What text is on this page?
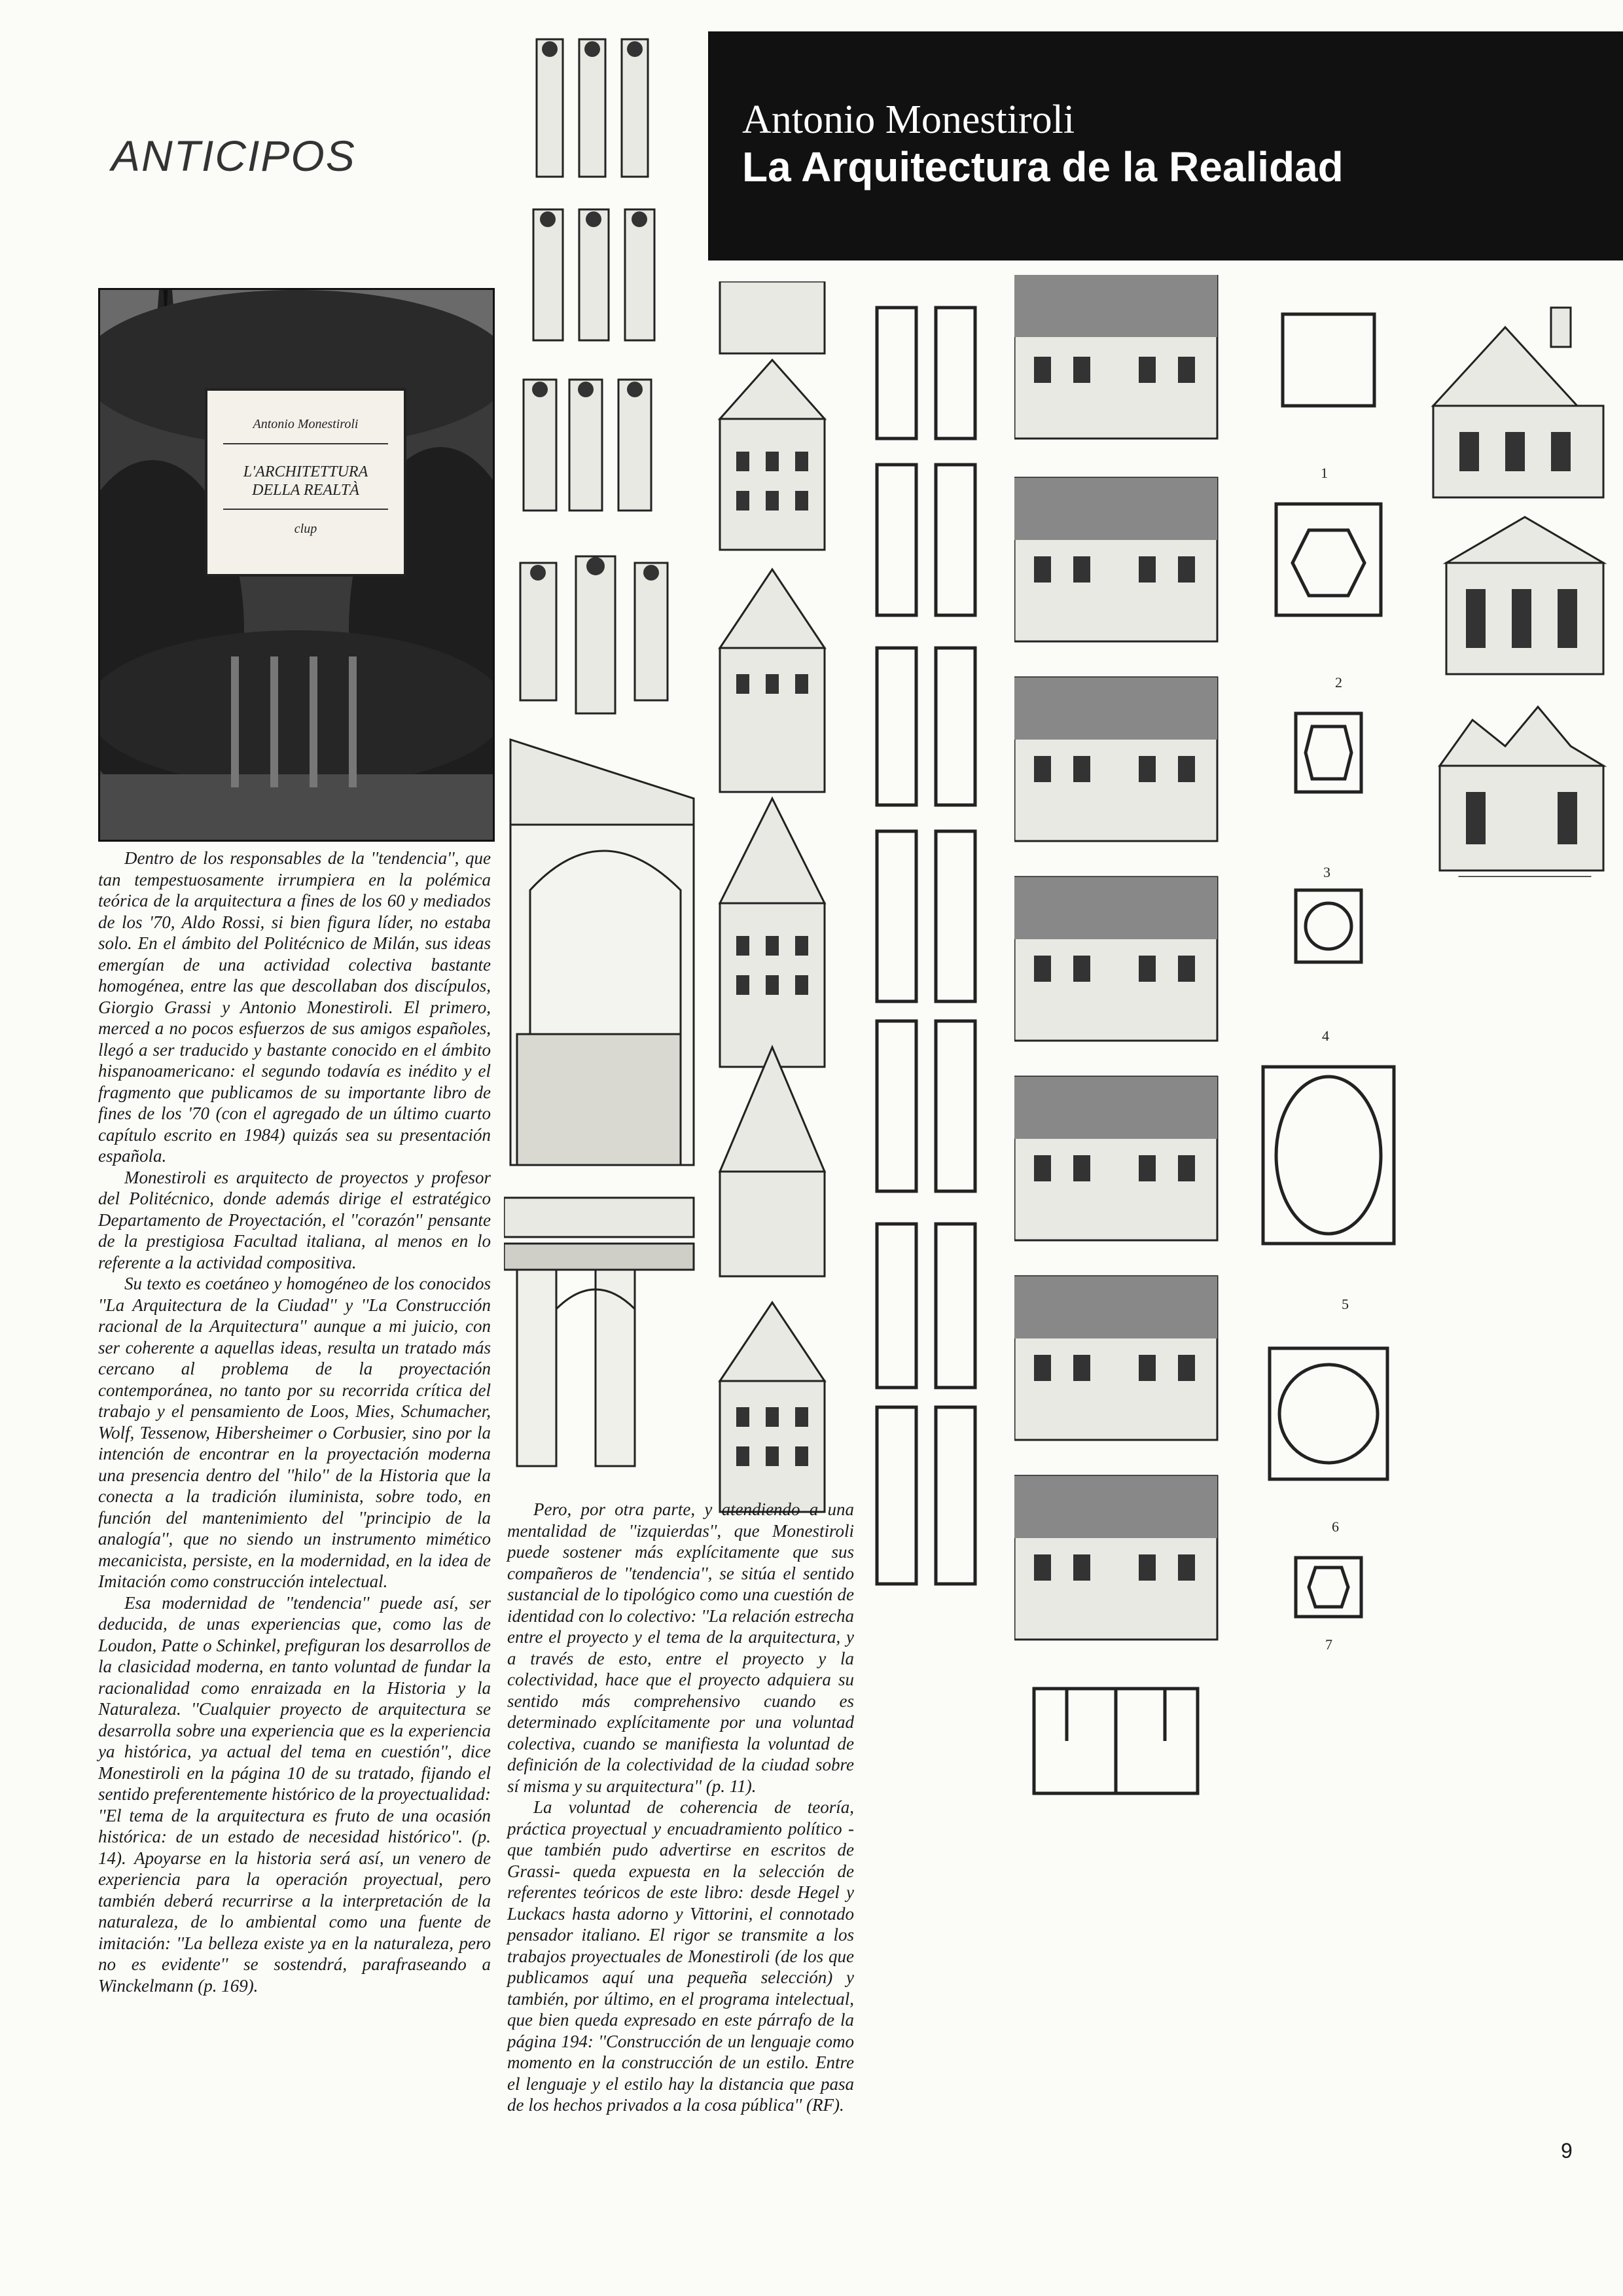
ANTICIPOS
Antonio Monestiroli
La Arquitectura de la Realidad
Antonio Monestiroli
L'ARCHITETTURA
DELLA REALTÀ
clup
1
2
3
4
5
6
7

Dentro de los responsables de la ''tendencia'', que tan tempestuosamente irrumpiera en la polémica teórica de la arquitectura a fines de los 60 y mediados de los '70, Aldo Rossi, si bien figura líder, no estaba solo. En el ámbito del Politécnico de Milán, sus ideas emergían de una actividad colectiva bastante homogénea, entre las que descollaban dos discípulos, Giorgio Grassi y Antonio Monestiroli. El primero, merced a no pocos esfuerzos de sus amigos españoles, llegó a ser traducido y bastante conocido en el ámbito hispanoamericano: el segundo todavía es inédito y el fragmento que publicamos de su importante libro de fines de los '70 (con el agregado de un último cuarto capítulo escrito en 1984) quizás sea su presentación española.

Monestiroli es arquitecto de proyectos y profesor del Politécnico, donde además dirige el estratégico Departamento de Proyectación, el ''corazón'' pensante de la prestigiosa Facultad italiana, al menos en lo referente a la actividad compositiva.

Su texto es coetáneo y homogéneo de los conocidos ''La Arquitectura de la Ciudad'' y ''La Construcción racional de la Arquitectura'' aunque a mi juicio, con ser coherente a aquellas ideas, resulta un tratado más cercano al problema de la proyectación contemporánea, no tanto por su recorrida crítica del trabajo y el pensamiento de Loos, Mies, Schumacher, Wolf, Tessenow, Hibersheimer o Corbusier, sino por la intención de encontrar en la proyectación moderna una presencia dentro del ''hilo'' de la Historia que la conecta a la tradición iluminista, sobre todo, en función del mantenimiento del ''principio de la analogía'', que no siendo un instrumento mimético mecanicista, persiste, en la modernidad, en la idea de Imitación como construcción intelectual.

Esa modernidad de ''tendencia'' puede así, ser deducida, de unas experiencias que, como las de Loudon, Patte o Schinkel, prefiguran los desarrollos de la clasicidad moderna, en tanto voluntad de fundar la racionalidad como enraizada en la Historia y la Naturaleza. ''Cualquier proyecto de arquitectura se desarrolla sobre una experiencia que es la experiencia ya histórica, ya actual del tema en cuestión'', dice Monestiroli en la página 10 de su tratado, fijando el sentido preferentemente histórico de la proyectualidad: ''El tema de la arquitectura es fruto de una ocasión histórica: de un estado de necesidad histórico''. (p. 14). Apoyarse en la historia será así, un venero de experiencia para la operación proyectual, pero también deberá recurrirse a la interpretación de la naturaleza, de lo ambiental como una fuente de imitación: ''La belleza existe ya en la naturaleza, pero no es evidente'' se sostendrá, parafraseando a Winckelmann (p. 169).

Pero, por otra parte, y atendiendo a una mentalidad de ''izquierdas'', que Monestiroli puede sostener más explícitamente que sus compañeros de ''tendencia'', se sitúa el sentido sustancial de lo tipológico como una cuestión de identidad con lo colectivo: ''La relación estrecha entre el proyecto y el tema de la arquitectura, y a través de esto, entre el proyecto y la colectividad, hace que el proyecto adquiera su sentido más comprehensivo cuando es determinado explícitamente por una voluntad colectiva, cuando se manifiesta la voluntad de definición de la colectividad de la ciudad sobre sí misma y su arquitectura'' (p. 11).

La voluntad de coherencia de teoría, práctica proyectual y encuadramiento político -que también pudo advertirse en escritos de Grassi- queda expuesta en la selección de referentes teóricos de este libro: desde Hegel y Luckacs hasta adorno y Vittorini, el connotado pensador italiano. El rigor se transmite a los trabajos proyectuales de Monestiroli (de los que publicamos aquí una pequeña selección) y también, por último, en el programa intelectual, que bien queda expresado en este párrafo de la página 194: ''Construcción de un lenguaje como momento en la construcción de un estilo. Entre el lenguaje y el estilo hay la distancia que pasa de los hechos privados a la cosa pública'' (RF).

9
